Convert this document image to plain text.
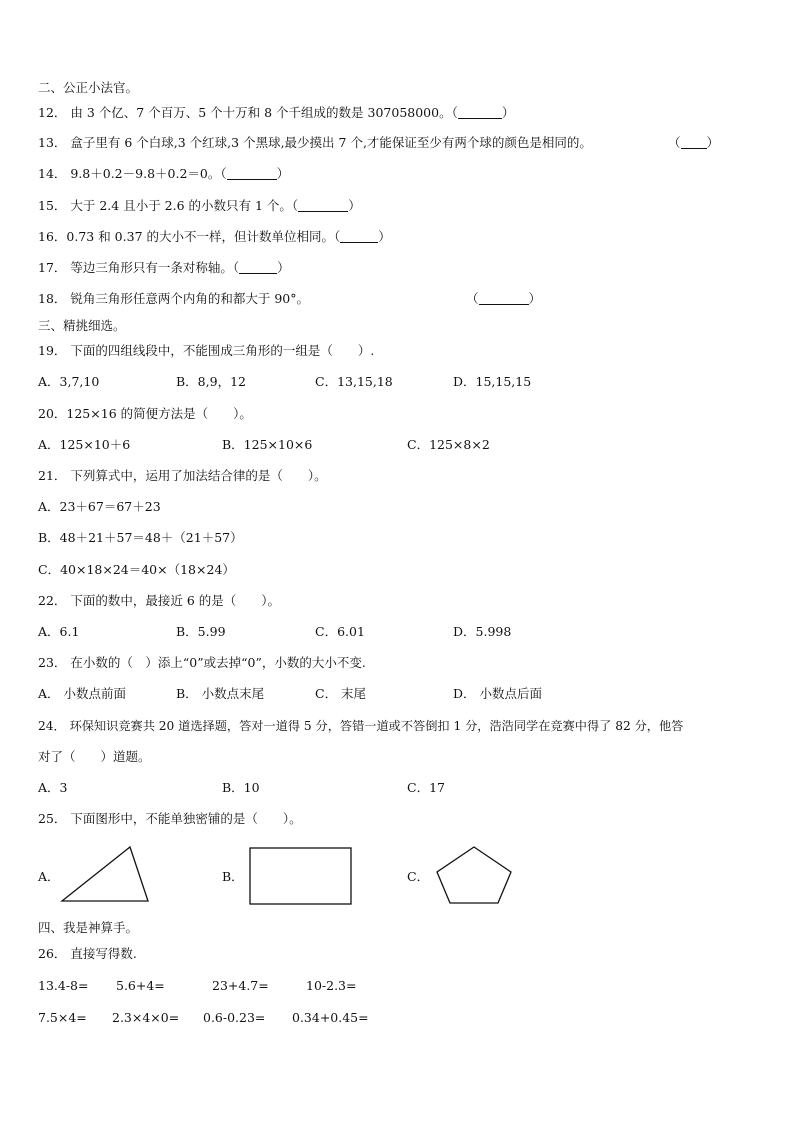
二、公正小法官。
12． 由 3 个亿、7 个百万、5 个十万和 8 个千组成的数是 307058000。（	）
13． 盒子里有 6 个白球,3 个红球,3 个黑球,最少摸出 7 个,才能保证至少有两个球的颜色是相同的。	（ ）
14． 9.8＋0.2－9.8＋0.2＝0。（	）
15． 大于 2.4 且小于 2.6 的小数只有 1 个。（	）
16．0.73 和 0.37 的大小不一样，但计数单位相同。（	）
17． 等边三角形只有一条对称轴。（	）
18． 锐角三角形任意两个内角的和都大于 90°。	（	）
三、精挑细选。
19． 下面的四组线段中，不能围成三角形的一组是（　　）.
A．3,7,10	B．8,9，12	C．13,15,18	D．15,15,15
20．125×16 的简便方法是（　　）。
A．125×10＋6	B．125×10×6	C．125×8×2
21． 下列算式中，运用了加法结合律的是（　　）。
A．23＋67＝67＋23
B．48＋21＋57＝48＋（21＋57）
C．40×18×24＝40×（18×24）
22． 下面的数中，最接近 6 的是（　　）。
A．6.1	B．5.99	C．6.01	D．5.998
23． 在小数的（　）添上“0”或去掉“0”，小数的大小不变.
A． 小数点前面	B． 小数点末尾	C． 末尾	D． 小数点后面
24． 环保知识竞赛共 20 道选择题，答对一道得 5 分，答错一道或不答倒扣 1 分，浩浩同学在竞赛中得了 82 分，他答
对了（　　）道题。
A．3	B．10	C．17
25． 下面图形中，不能单独密铺的是（　　）。
A．	B．	C．
四、我是神算手。
26． 直接写得数.
13.4-8= 5.6+4=	23+4.7=	10-2.3=
7.5×4= 2.3×4×0= 0.6-0.23= 0.34+0.45=
